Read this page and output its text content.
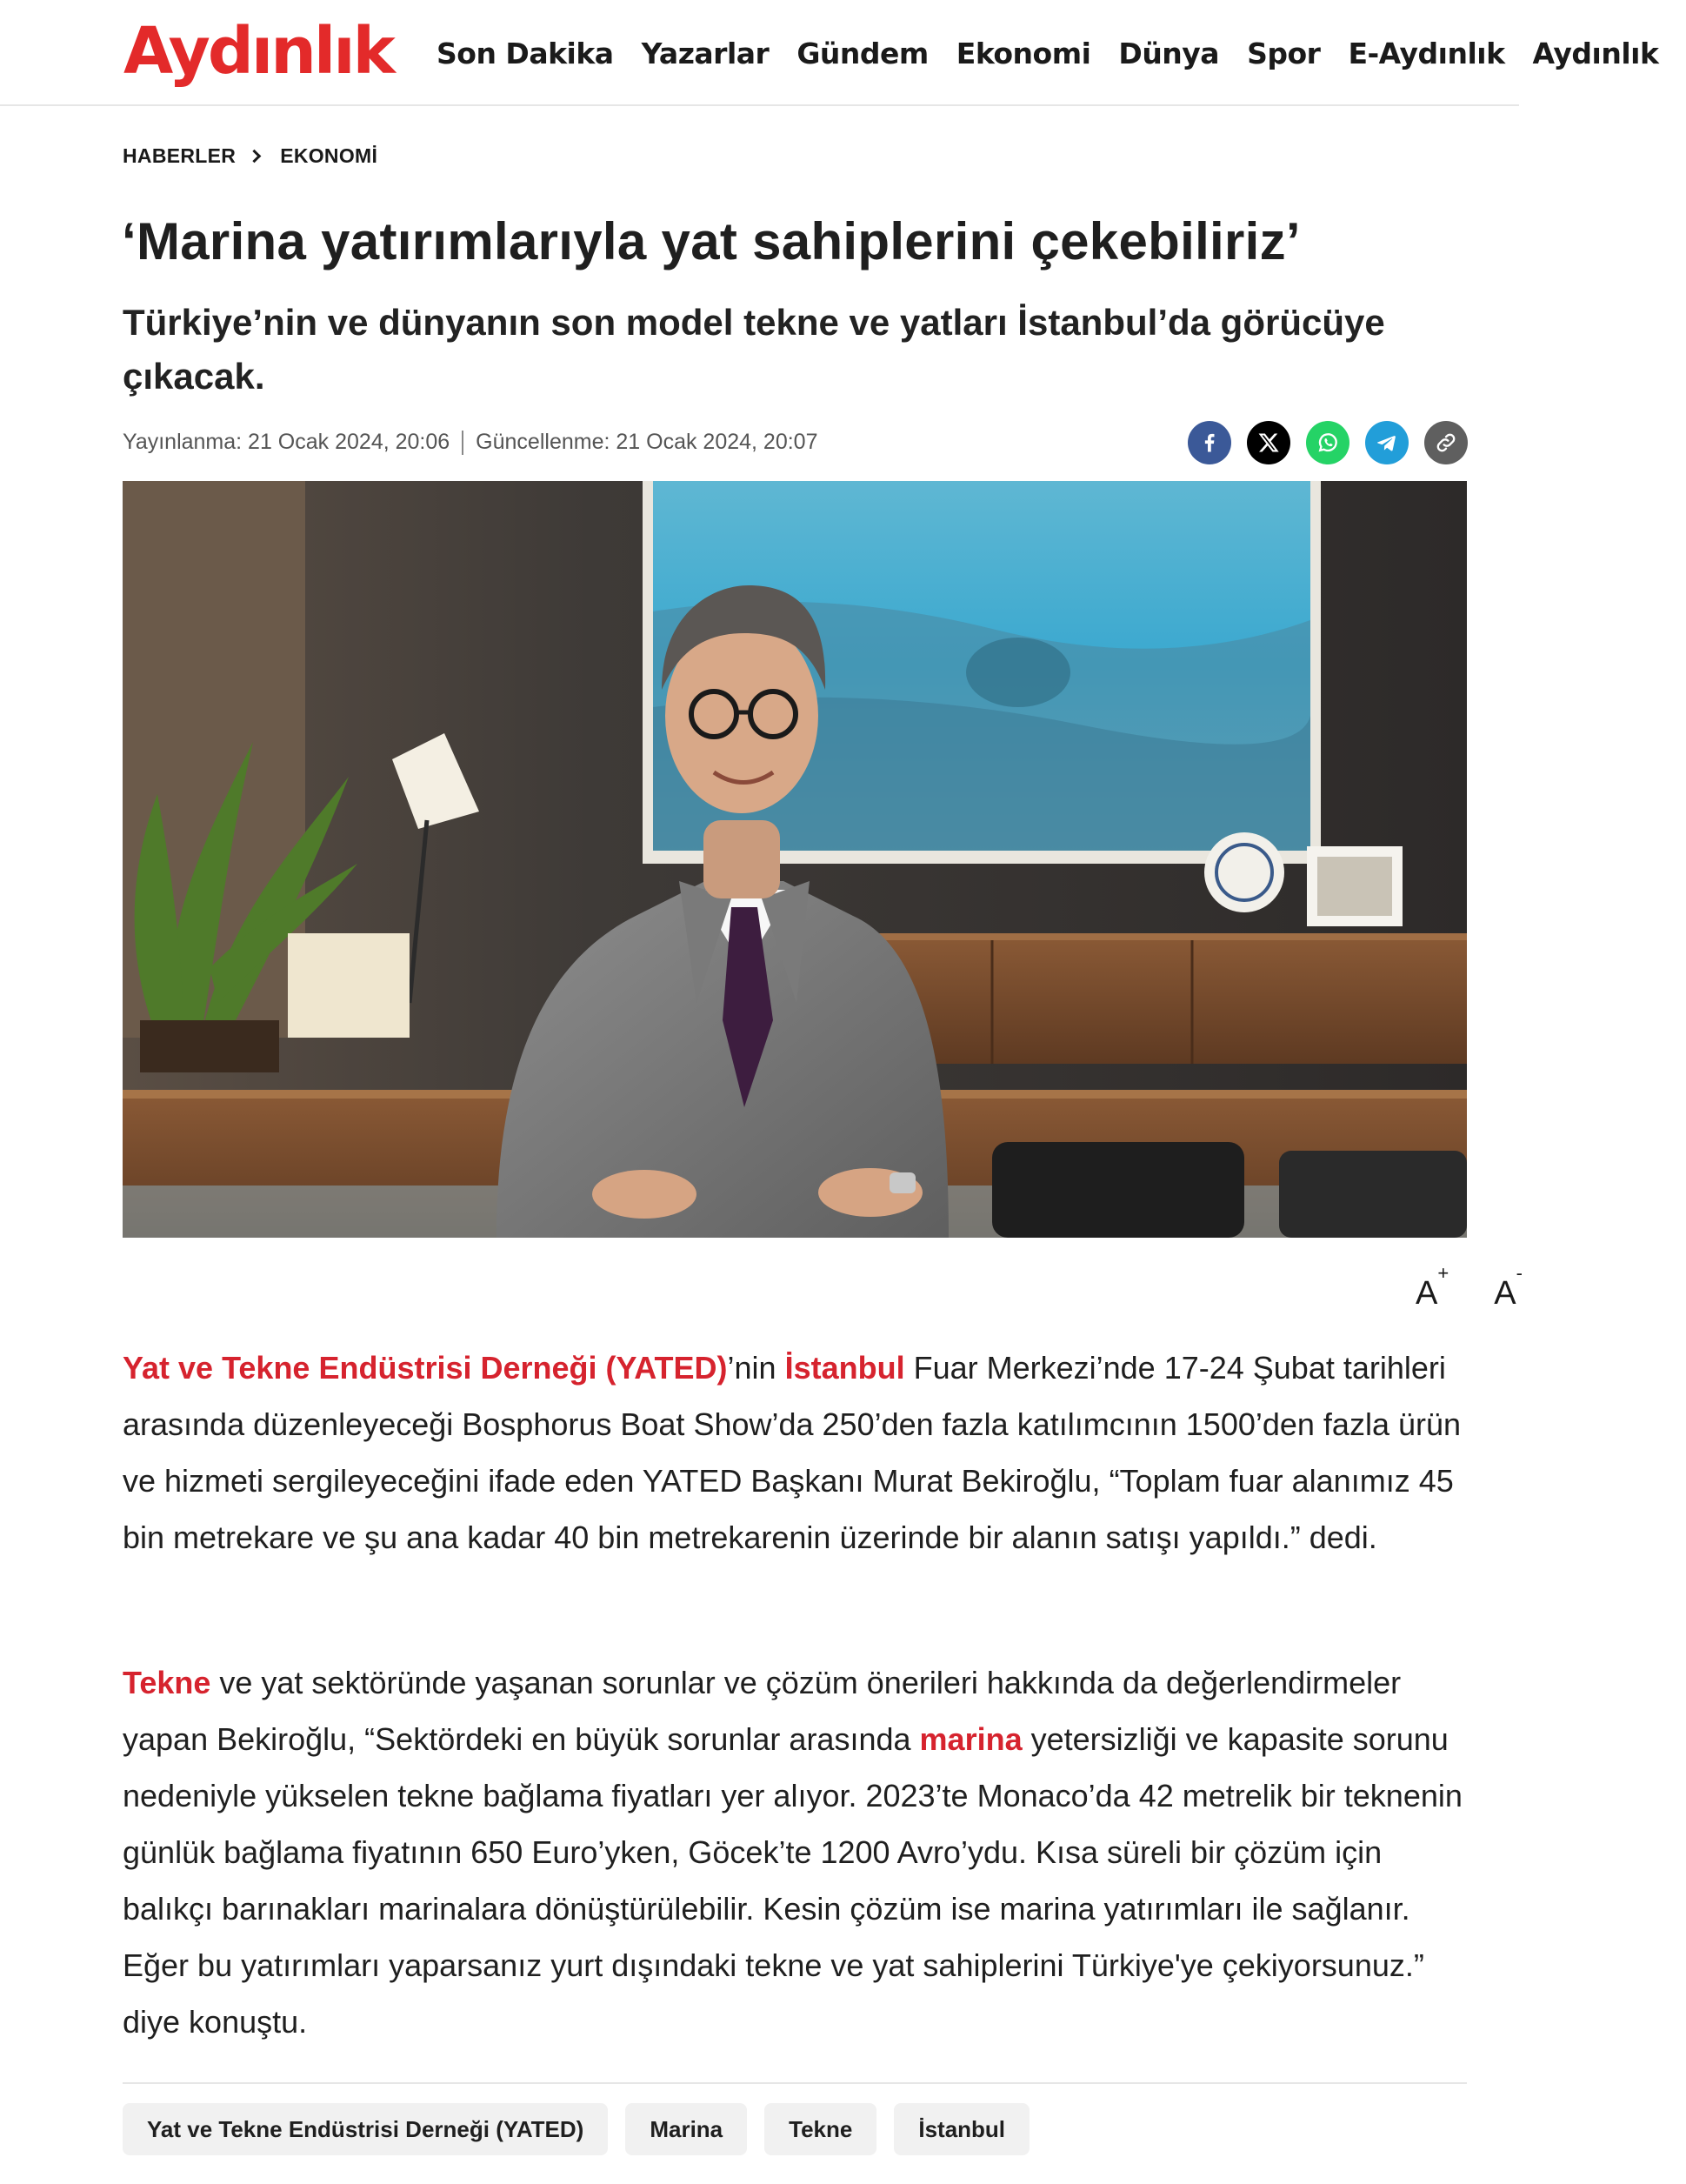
Aydınlık Son Dakika Yazarlar Gündem Ekonomi Dünya Spor E-Aydınlık Aydınlık
HABERLER EKONOMİ
‘Marina yatırımlarıyla yat sahiplerini çekebiliriz’
Türkiye’nin ve dünyanın son model tekne ve yatları İstanbul’da görücüye çıkacak.
Yayınlanma: 21 Ocak 2024, 20:06 Güncellenme: 21 Ocak 2024, 20:07
A+
A-

Yat ve Tekne Endüstrisi Derneği (YATED)’nin İstanbul Fuar Merkezi’nde 17-24 Şubat tarihleri arasında düzenleyeceği Bosphorus Boat Show’da 250’den fazla katılımcının 1500’den fazla ürün ve hizmeti sergileyeceğini ifade eden YATED Başkanı Murat Bekiroğlu, “Toplam fuar alanımız 45 bin metrekare ve şu ana kadar 40 bin metrekarenin üzerinde bir alanın satışı yapıldı.” dedi.

Tekne ve yat sektöründe yaşanan sorunlar ve çözüm önerileri hakkında da değerlendirmeler yapan Bekiroğlu, “Sektördeki en büyük sorunlar arasında marina yetersizliği ve kapasite sorunu nedeniyle yükselen tekne bağlama fiyatları yer alıyor. 2023’te Monaco’da 42 metrelik bir teknenin günlük bağlama fiyatının 650 Euro’yken, Göcek’te 1200 Avro’ydu. Kısa süreli bir çözüm için balıkçı barınakları marinalara dönüştürülebilir. Kesin çözüm ise marina yatırımları ile sağlanır. Eğer bu yatırımları yaparsanız yurt dışındaki tekne ve yat sahiplerini Türkiye'ye çekiyorsunuz.” diye konuştu.

Yat ve Tekne Endüstrisi Derneği (YATED)	Marina	Tekne	İstanbul
